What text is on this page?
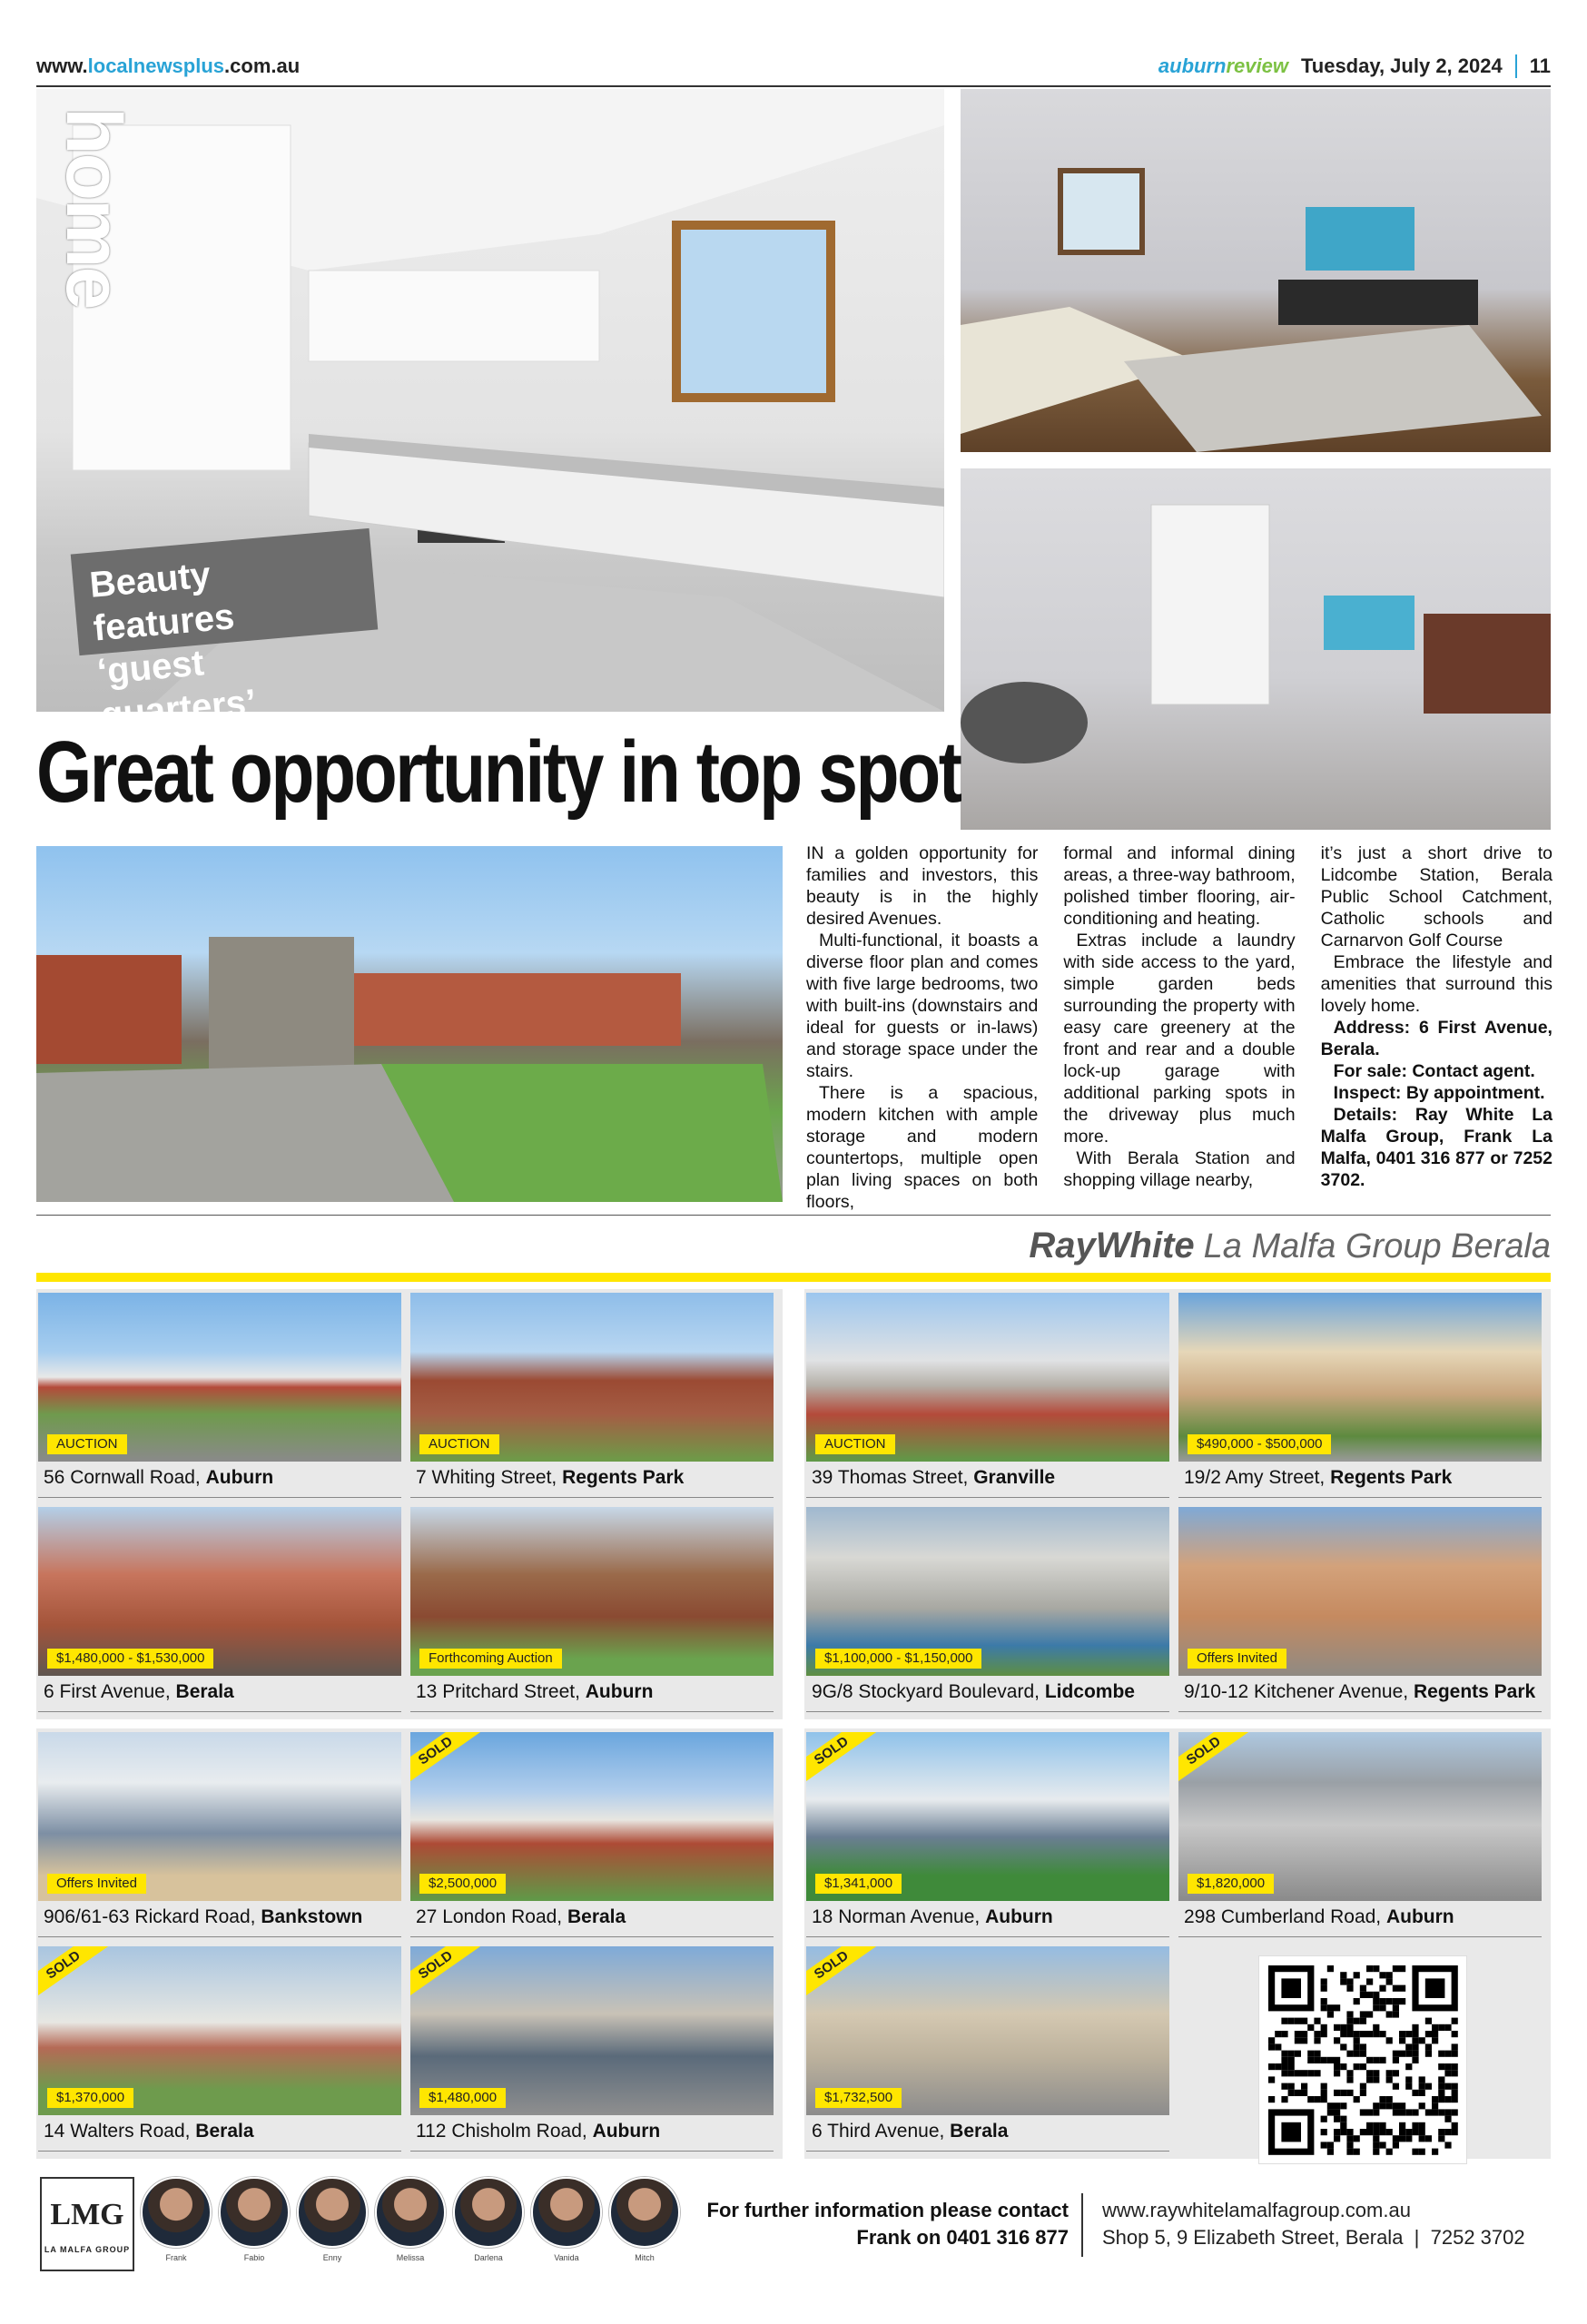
www.localnewsplus.com.au	auburnreview Tuesday, July 2, 2024 11
home
Beauty features
‘guest quarters’
Great opportunity in top spot

IN a golden opportunity for families and investors, this beauty is in the highly desired Avenues.

Multi-functional, it boasts a diverse floor plan and comes with five large bedrooms, two with built-ins (downstairs and ideal for guests or in-laws) and storage space under the stairs.

There is a spacious, modern kitchen with ample storage and modern countertops, multiple open plan living spaces on both floors,

formal and informal dining areas, a three-way bathroom, polished timber flooring, air-conditioning and heating.

Extras include a laundry with side access to the yard, simple garden beds surrounding the property with easy care greenery at the front and rear and a double lock-up garage with additional parking spots in the driveway plus much more.

With Berala Station and shopping village nearby,

it’s just a short drive to Lidcombe Station, Berala Public School Catchment, Catholic schools and Carnarvon Golf Course

Embrace the lifestyle and amenities that surround this lovely home.

Address: 6 First Avenue, Berala.

For sale: Contact agent.

Inspect: By appointment.

Details: Ray White La Malfa Group, Frank La Malfa, 0401 316 877 or 7252 3702.

RayWhite La Malfa Group Berala
AUCTION
56 Cornwall Road, Auburn
AUCTION
7 Whiting Street, Regents Park
AUCTION
39 Thomas Street, Granville
$490,000 - $500,000
19/2 Amy Street, Regents Park
$1,480,000 - $1,530,000
6 First Avenue, Berala
Forthcoming Auction
13 Pritchard Street, Auburn
$1,100,000 - $1,150,000
9G/8 Stockyard Boulevard, Lidcombe
Offers Invited
9/10-12 Kitchener Avenue, Regents Park
Offers Invited
906/61-63 Rickard Road, Bankstown
SOLD
$2,500,000
27 London Road, Berala
SOLD
$1,341,000
18 Norman Avenue, Auburn
SOLD
$1,820,000
298 Cumberland Road, Auburn
SOLD
$1,370,000
14 Walters Road, Berala
SOLD
$1,480,000
112 Chisholm Road, Auburn
SOLD
$1,732,500
6 Third Avenue, Berala
LMG
LA MALFA GROUP
Frank	Fabio	Enny	Melissa	Darlena	Vanida	Mitch
For further information please contact
Frank on 0401 316 877
www.raywhitelamalfagroup.com.au
Shop 5, 9 Elizabeth Street, Berala  |  7252 3702
